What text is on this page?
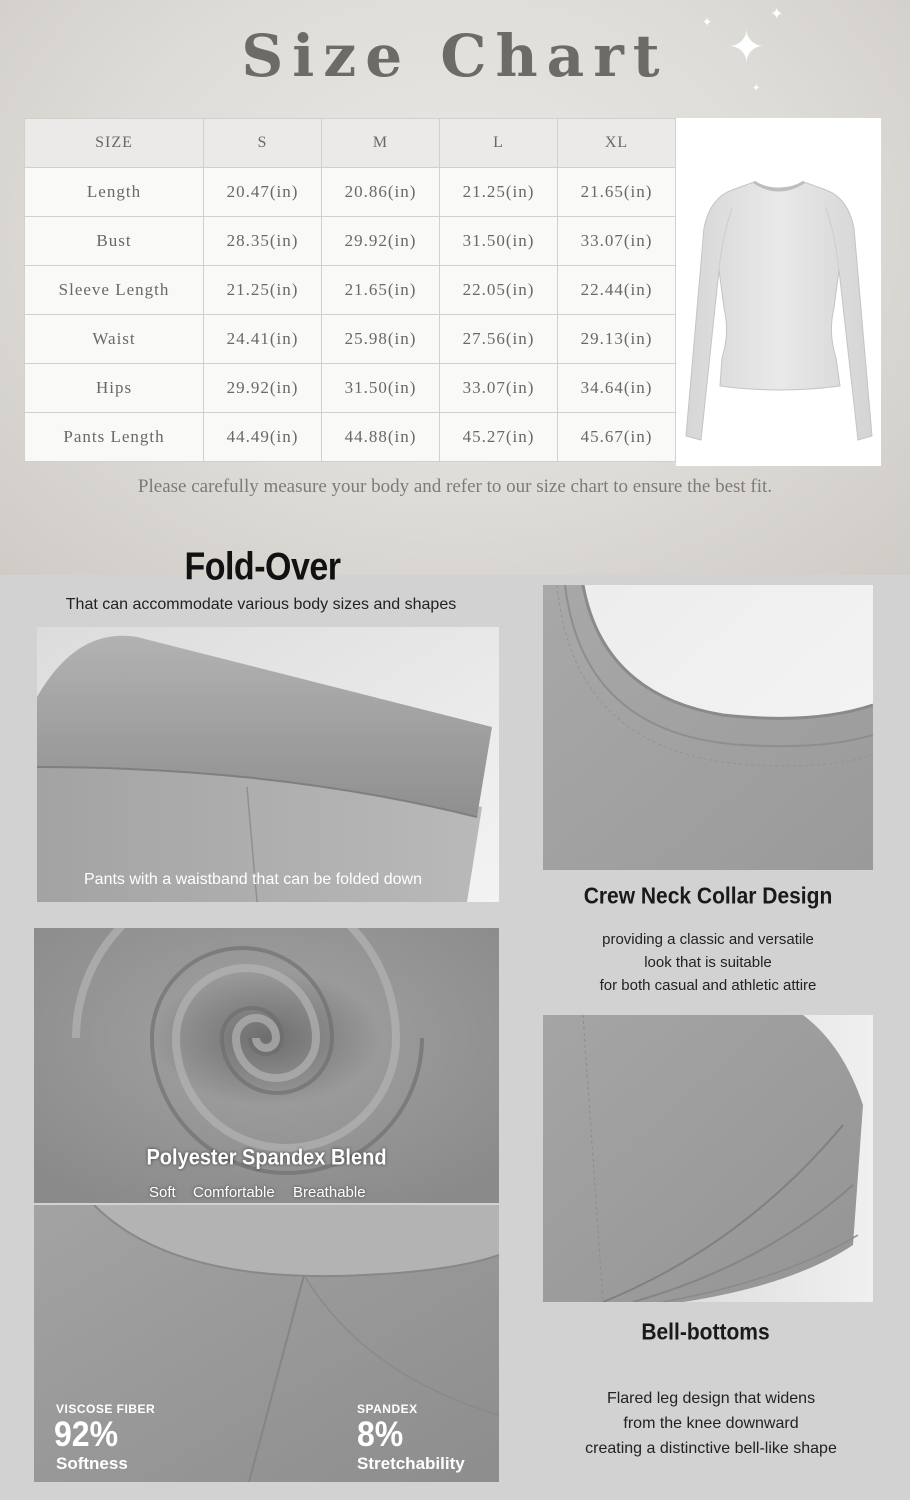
Size Chart	✦
✦
✦
✦
SIZE	S	M	L	XL
Length	20.47(in)	20.86(in)	21.25(in)	21.65(in)
Bust	28.35(in)	29.92(in)	31.50(in)	33.07(in)
Sleeve Length	21.25(in)	21.65(in)	22.05(in)	22.44(in)
Waist	24.41(in)	25.98(in)	27.56(in)	29.13(in)
Hips	29.92(in)	31.50(in)	33.07(in)	34.64(in)
Pants Length	44.49(in)	44.88(in)	45.27(in)	45.67(in)
Please carefully measure your body and refer to our size chart to ensure the best fit.
Fold-Over
That can accommodate various body sizes and shapes
Pants with a waistband that can be folded down
Crew Neck Collar Design
providing a classic and versatile
look that is suitable
for both casual and athletic attire
Polyester Spandex Blend
Soft Comfortable Breathable
VISCOSE FIBER
92%
Softness
SPANDEX
8%
Stretchability
Bell-bottoms
Flared leg design that widens
from the knee downward
creating a distinctive bell-like shape
